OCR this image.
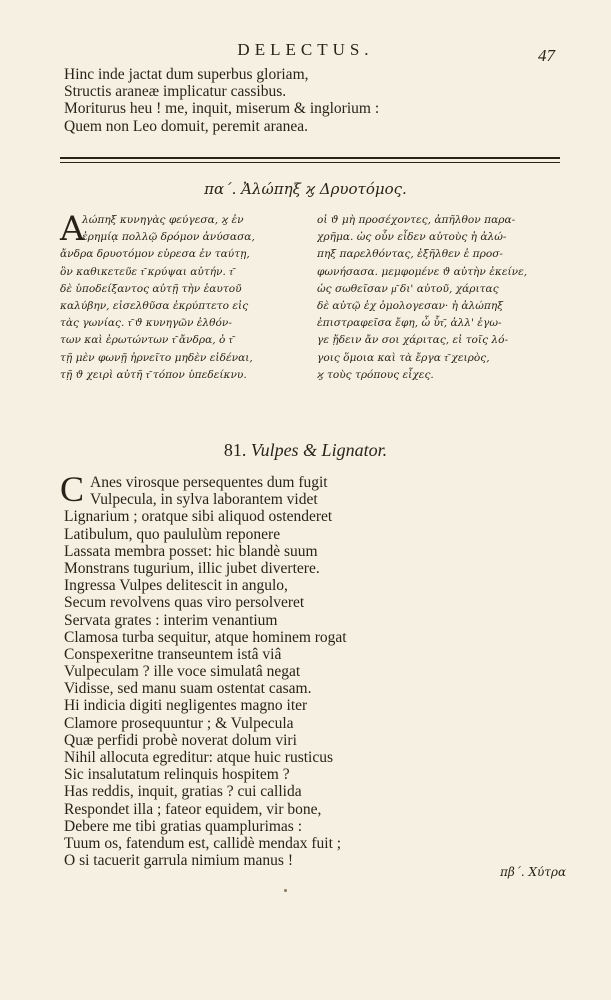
DELECTUS.	47
Hinc inde jactat dum superbus gloriam,
Structis araneæ implicatur cassibus.
Moriturus heu ! me, inquit, miserum & inglorium :
Quem non Leo domuit, peremit aranea.
πα΄. Ἀλώπηξ ϗ Δρυοτόμος.
Α
λώπηξ κυνηγὰς φεύγεσα, ϗ ἐν
ἐρημίᾳ πολλῷ δρόμον ἀνύσασα,
ἄνδρα δρυοτόμον εὑρεσα ἐν ταύτῃ,
ὃν καθικετεῦε τ͂ κρύψαι αὐτήν. τ͂
δὲ ὑποδείξαντος αὐτῇ τὴν ἑαυτοῦ
καλύβην, εἰσελθῦσα ἐκρύπτετο εἰς
τὰς γωνίας. τ͂ ϑ κυνηγῶν ἐλθόν-
των καὶ ἐρωτώντων τ͂ ἄνδρα, ὁ τ͂
τῇ μὲν φωνῇ ἠρνεῖτο μηδὲν εἰδέναι,
τῇ ϑ χειρὶ αὐτῆ τ͂ τόπον ὑπεδείκνυ.
οἱ ϑ μὴ προσέχοντες, ἀπῆλθον παρα-
χρῆμα. ὡς οὖν εἶδεν αὐτοὺς ἡ ἀλώ-
πηξ παρελθόντας, ἐξῆλθεν ἐ προσ-
φωνήσασα. μεμφομένε ϑ αὐτὴν ἐκείνε,
ὡς σωθεῖσαν μ͂ δι' αὐτοῦ, χάριτας
δὲ αὐτῷ ἐχ ὁμολογεσαν· ἡ ἀλώπηξ
ἐπιστραφεῖσα ἔφη, ὦ ὗτ͂, ἀλλ' ἐγω-
γε ᾔδειν ἄν σοι χάριτας, εἰ τοῖς λό-
γοις ὅμοια καὶ τὰ ἔργα τ͂ χειρὸς,
ϗ τοὺς τρόπους εἶχες.
81. Vulpes & Lignator.
C Anes virosque persequentes dum fugit
Vulpecula, in sylva laborantem videt
Lignarium ; oratque sibi aliquod ostenderet
Latibulum, quo paululùm reponere
Lassata membra posset: hic blandè suum
Monstrans tugurium, illic jubet divertere.
Ingressa Vulpes delitescit in angulo,
Secum revolvens quas viro persolveret
Servata grates : interim venantium
Clamosa turba sequitur, atque hominem rogat
Conspexeritne transeuntem istâ viâ
Vulpeculam ? ille voce simulatâ negat
Vidisse, sed manu suam ostentat casam.
Hi indicia digiti negligentes magno iter
Clamore prosequuntur ; & Vulpecula
Quæ perfidi probè noverat dolum viri
Nihil allocuta egreditur: atque huic rusticus
Sic insalutatum relinquis hospitem ?
Has reddis, inquit, gratias ? cui callida
Respondet illa ; fateor equidem, vir bone,
Debere me tibi gratias quamplurimas :
Tuum os, fatendum est, callidè mendax fuit ;
O si tacuerit garrula nimium manus !
πβ΄. Χύτρα
